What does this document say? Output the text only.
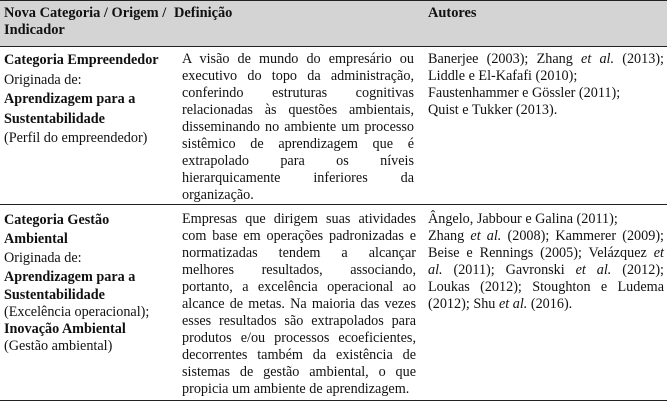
Nova Categoria / Origem /

Indicador

Definição	Autores

Categoria Empreendedor

Originada de:

Aprendizagem para a

Sustentabilidade

(Perfil do empreendedor)

A visão de mundo do empresário ou

executivo do topo da administração,

conferindo estruturas cognitivas

relacionadas às questões ambientais,

disseminando no ambiente um processo

sistêmico de aprendizagem que é

extrapolado para os níveis

hierarquicamente inferiores da

organização.

Banerjee (2003); Zhang et al. (2013);

Liddle e El-Kafafi (2010);

Faustenhammer e Gössler (2011);

Quist e Tukker (2013).

Categoria Gestão

Ambiental

Originada de:

Aprendizagem para a

Sustentabilidade

(Excelência operacional);

Inovação Ambiental

(Gestão ambiental)

Empresas que dirigem suas atividades

com base em operações padronizadas e

normatizadas tendem a alcançar

melhores resultados, associando,

portanto, a excelência operacional ao

alcance de metas. Na maioria das vezes

esses resultados são extrapolados para

produtos e/ou processos ecoeficientes,

decorrentes também da existência de

sistemas de gestão ambiental, o que

propicia um ambiente de aprendizagem.

Ângelo, Jabbour e Galina (2011);

Zhang et al. (2008); Kammerer (2009);

Beise e Rennings (2005); Velázquez et

al. (2011); Gavronski et al. (2012);

Loukas (2012); Stoughton e Ludema

(2012); Shu et al. (2016).
